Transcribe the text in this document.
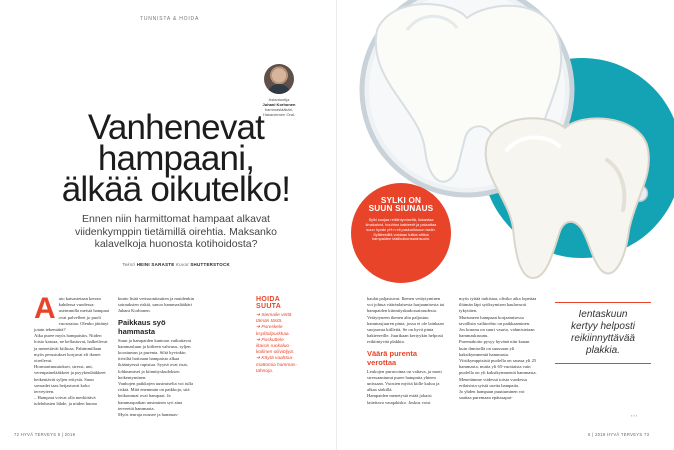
TUNNISTA & HOIDA
Asiantuntija
Juhani Korhonen
hammaslääkäri,
Hakaniemen Oral.
Vanhenevat
hampaani,
älkää oikutelko!
Ennen niin harmittomat hampaat alkavat
viidenkymppin tietämillä oirehtia. Maksanko
kalavelkoja huonosta kotihoidosta?
Teksti HEINI SARASTE Kuvat SHUTTERSTOCK
A uto katsastetaan kerran kahdessa vuodessa: useimmilla meistä hampaat ovat palvelleet jo puoli vuosisataa. Olenko jättänyt jotain tekemättä?

Aika puree myös hampaisiin. Niiden loisto katoaa, ne kellastuvat, halkeilevat ja menettävät kiiltoaa. Pahimmillaan myös perustukset horjuvat eli ikenet oireilevat.

Hormonimuutokset, stressi, uni, verenpainelääkkeet ja psyykenlääkkeet heikentävät syljen eritystä. Suun savuadet taas heijastuvat koko terveyteen.

– Hampaat voivat olla merkittävä tulehdusten lähde, ja niiden huono

kunto lisää verisuonitautien ja muidenkin sairauksien riskiä, sanoo hammaslääkäri Juhani Korhonen.

Paikkaus syö hammasta

Suun ja hampaiden kuntoon vaikuttavat hammasluun ja kiilteen vahvuus, syljen koostumus ja purenta. Siltä hyvinkin tiiviiltä hoitoaan hampaisto alkaa ikääntyessä rapistua. Syynä ovat risat, lohkeamiset ja kiinnityskudoksen heikentyminen.

Vanhojen paikkojen uusimiselta voi tulla riskiä. Mitä enemmän on paikkoja, sitä heikommat ovat hampaat. Ja hammaspaikan uusiminen syö aina terveettä hammasta.

Myös ienraja nousee ja hammas-

HOIDA
SUUTA
➜ Siemaile vettä
tämän tästä.
➜ Pureskele
ksylitolipurkkaa.
➜ Puskuttele
iltaisin ruokaluo-
kollinen oliiviöljyä.
➜ Käytä vaahtoa-
mattomia hammas-
tahnoja.
72 HYVÄ TERVEYS 5 | 2019
SYLKI ON
SUUN SIUNAUS
Sylki suojaa reikiintymiseltä, liukastaa limakalvot, huuhtoo bakteerit ja palauttaa suun hyvän pH:n eli paskuriksoun tasiin. Sylkitestillä voidaan tutkia alttius hampaiden takiikuikonssainsuoin.

kaulat paljastuvat. Ikenen vetäytyminen voi johtua vääränlaisesta harjaamisesta tai hampaiden kiinnityskudossairaudesta.

Vetäytyneen ikenen alta paljastuu hammasjuuren pinta, jossa ei ole lainkaan suojaavaa kiillettä. Se on hyvä pinta bakteereille. Juurikaan kertyykin helposti reikiintyvää plakkia.

Väärä purenta verottaa

Leukojen puruvoima on valtava, ja moni stressaantunut puree hampaita yhteen unissaan. Vuosien myötä kiille kuluu ja alkaa särkillä.

Hampaiden menetystä estää jokaisi laitettava vauqakisko. Joskus voisi

myös tyttää tarkistaa, olisiko aika lopettaa iltämän läpi syöksymisen kaulavuoti tykyttäen.

Murtuneen hampaan korjaamisessa tavallisin vaihtoehto on paikkaaminen. Jos kruunu on suuri vaurio, vahmistetaan hammaskruunu.

Puremahoito pysyy hyvänä niin kauan kuin ihmisellä on suussaan yli kaksikymmentä hammasta. Viisikymppisistä puolella on saussa yli 25 hammasta, mutta yli 65-vuotiaista vain puolella on yli kaksikymmentä hammasta. Menetämme viidessä toista vuodessa erilaisista syistä useita hampaita.

Jo yhden hampaan puuttuminen voi saattaa puremaan epätasapai-

Ientaskuun
kertyy helposti
reikiinnyttävää
plakkia.
▪ ▪ ▪
5 | 2019 HYVÄ TERVEYS 73
